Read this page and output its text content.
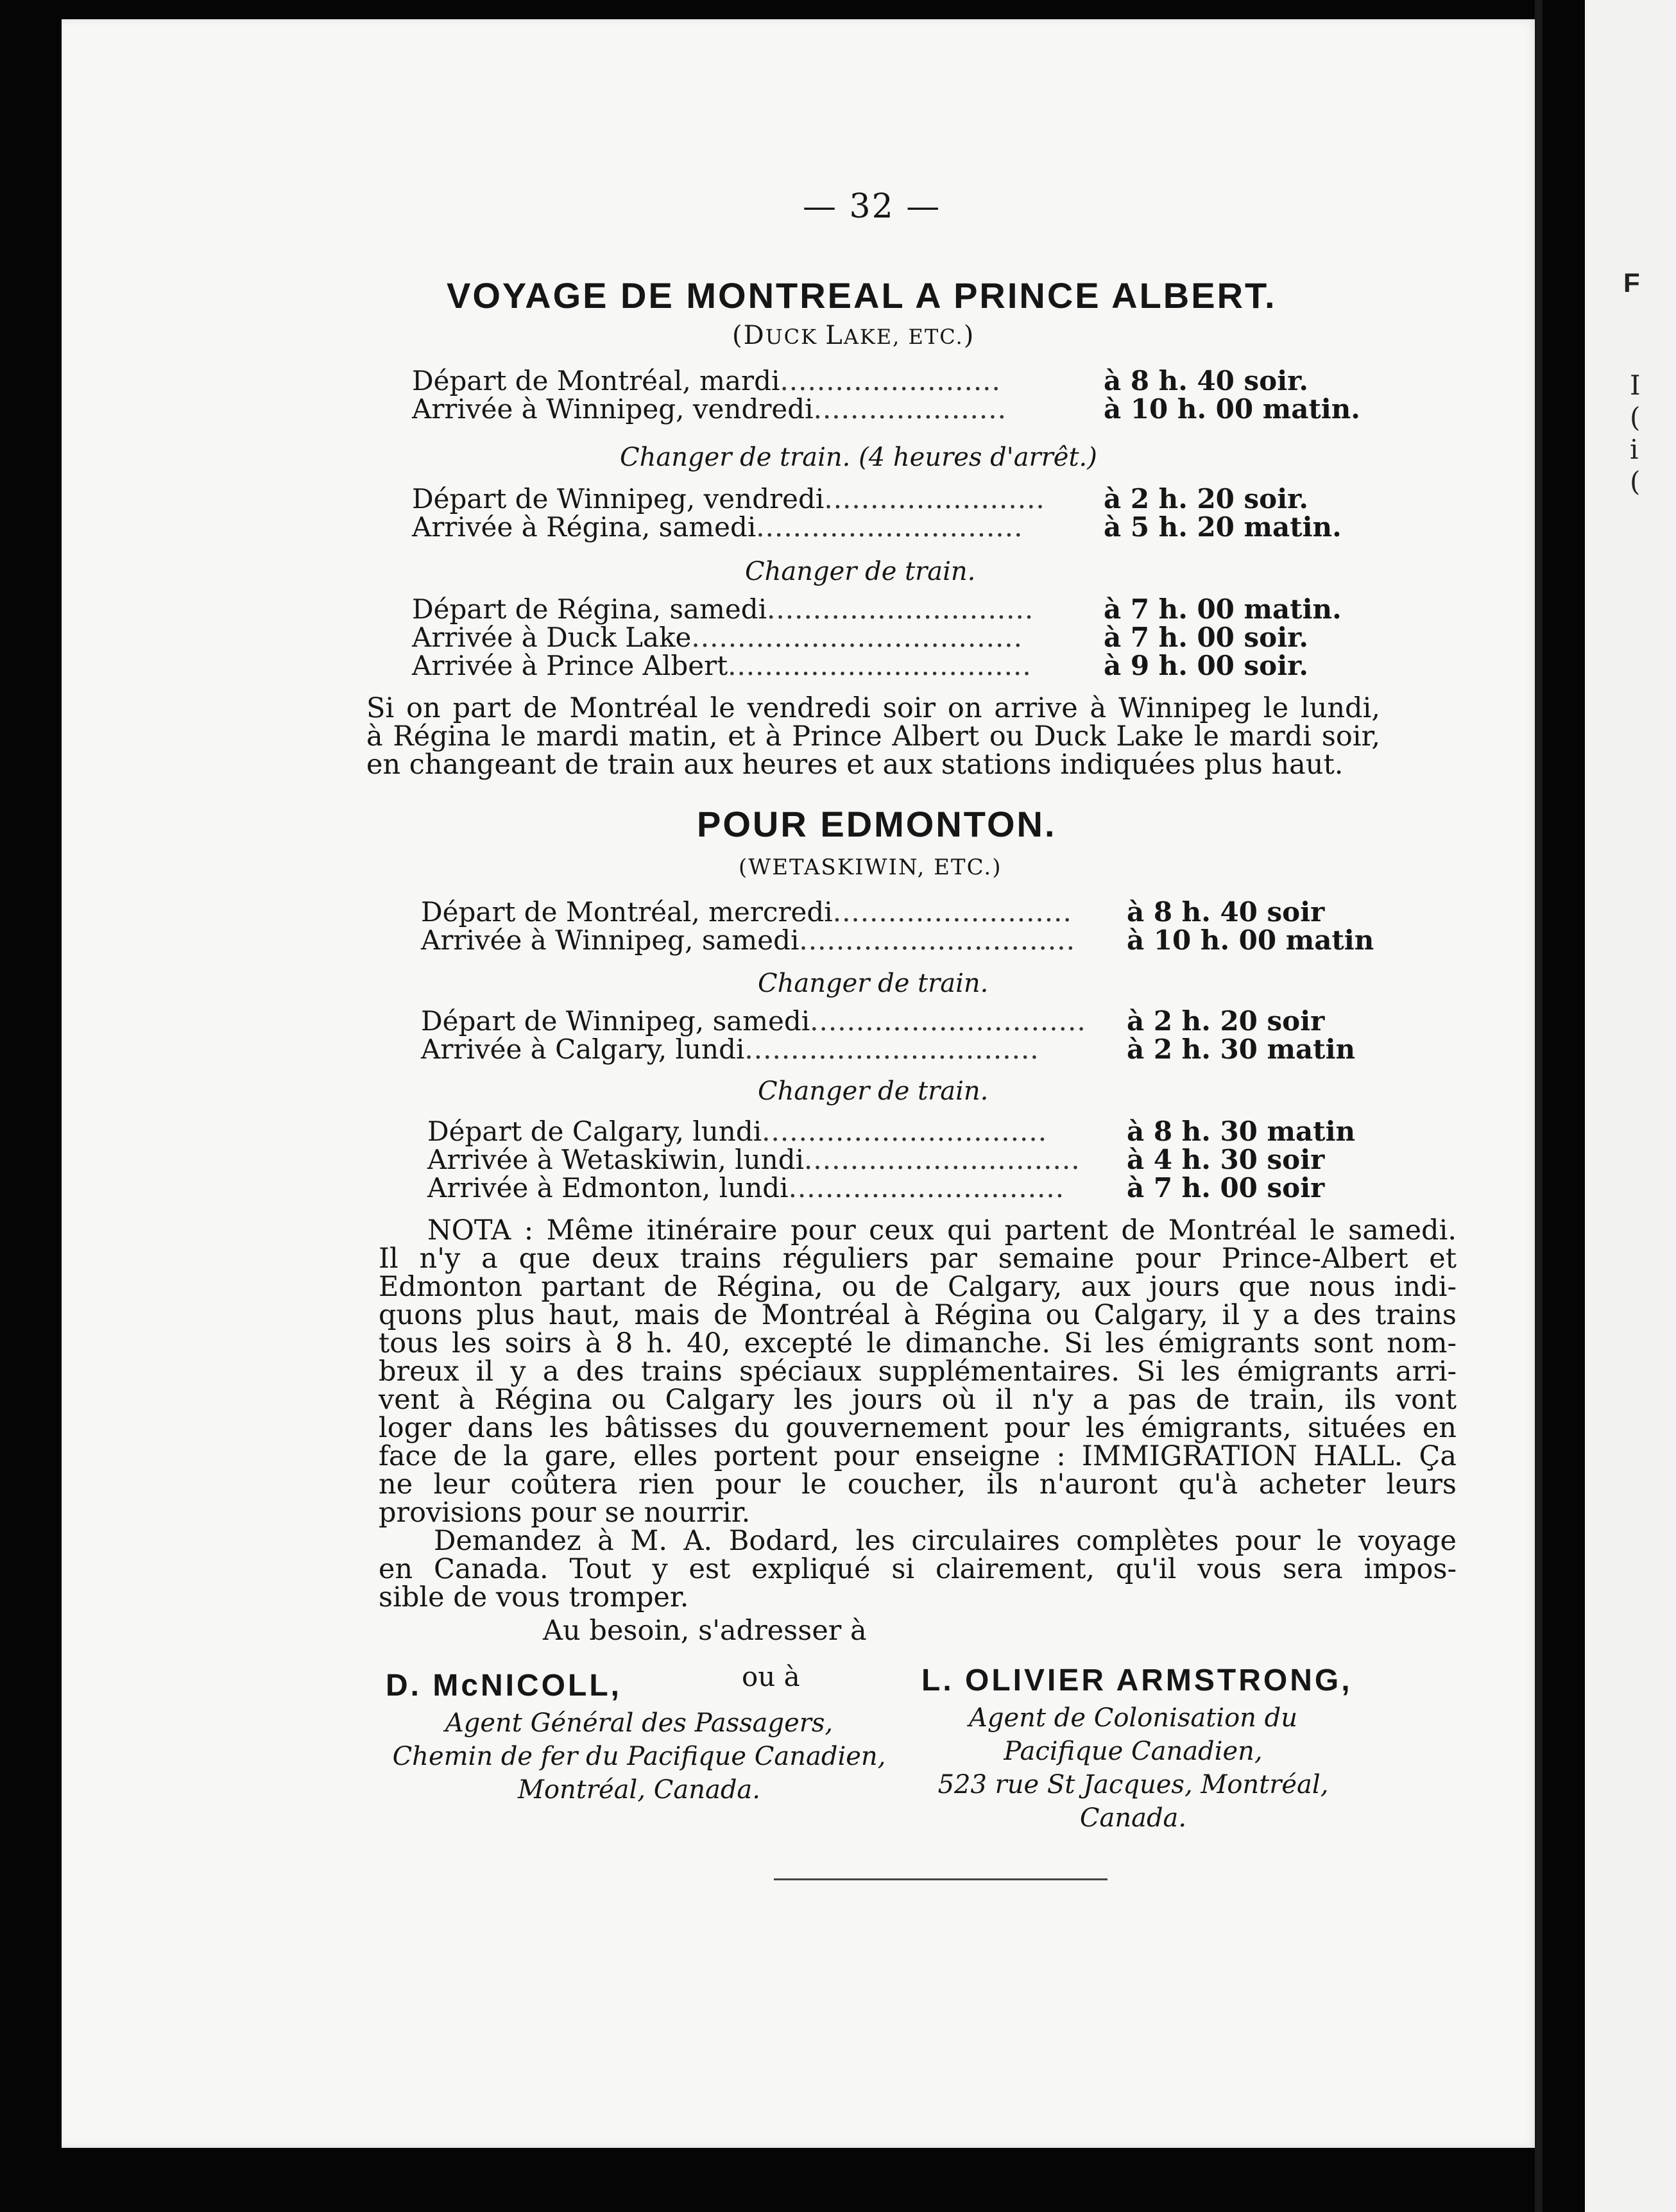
— 32 —
VOYAGE DE MONTREAL A PRINCE ALBERT.
(DUCK LAKE, ETC.)
Départ de Montréal, mardi........................	à 8 h. 40 soir.
Arrivée à Winnipeg, vendredi.....................	à 10 h. 00 matin.
Changer de train. (4 heures d'arrêt.)
Départ de Winnipeg, vendredi........................ à 2 h. 20 soir.
Arrivée à Régina, samedi.............................	à 5 h. 20 matin.
Changer de train.
Départ de Régina, samedi.............................	à 7 h. 00 matin.
Arrivée à Duck Lake....................................	à 7 h. 00 soir.
Arrivée à Prince Albert.................................	à 9 h. 00 soir.
Si on part de Montréal le vendredi soir on arrive à Winnipeg le lundi,
à Régina le mardi matin, et à Prince Albert ou Duck Lake le mardi soir,
en changeant de train aux heures et aux stations indiquées plus haut.
POUR EDMONTON.
(WETASKIWIN, ETC.)
Départ de Montréal, mercredi.......................... à 8 h. 40 soir
Arrivée à Winnipeg, samedi.............................. à 10 h. 00 matin
Changer de train.
Départ de Winnipeg, samedi.............................. à 2 h. 20 soir
Arrivée à Calgary, lundi................................	à 2 h. 30 matin
Changer de train.
Départ de Calgary, lundi...............................	à 8 h. 30 matin
Arrivée à Wetaskiwin, lundi.............................. à 4 h. 30 soir
Arrivée à Edmonton, lundi.............................. à 7 h. 00 soir
NOTA : Même itinéraire pour ceux qui partent de Montréal le samedi.
Il n'y a que deux trains réguliers par semaine pour Prince-Albert et
Edmonton partant de Régina, ou de Calgary, aux jours que nous indi-
quons plus haut, mais de Montréal à Régina ou Calgary, il y a des trains
tous les soirs à 8 h. 40, excepté le dimanche. Si les émigrants sont nom-
breux il y a des trains spéciaux supplémentaires. Si les émigrants arri-
vent à Régina ou Calgary les jours où il n'y a pas de train, ils vont
loger dans les bâtisses du gouvernement pour les émigrants, situées en
face de la gare, elles portent pour enseigne : IMMIGRATION HALL. Ça
ne leur coûtera rien pour le coucher, ils n'auront qu'à acheter leurs
provisions pour se nourrir.
Demandez à M. A. Bodard, les circulaires complètes pour le voyage
en Canada. Tout y est expliqué si clairement, qu'il vous sera impos-
sible de vous tromper.
Au besoin, s'adresser à
D. McNICOLL,	ou à	L. OLIVIER ARMSTRONG,
Agent Général des Passagers,
Chemin de fer du Pacifique Canadien,
Montréal, Canada.
Agent de Colonisation du
Pacifique Canadien,
523 rue St Jacques, Montréal,
Canada.
F
I
(
i
(
